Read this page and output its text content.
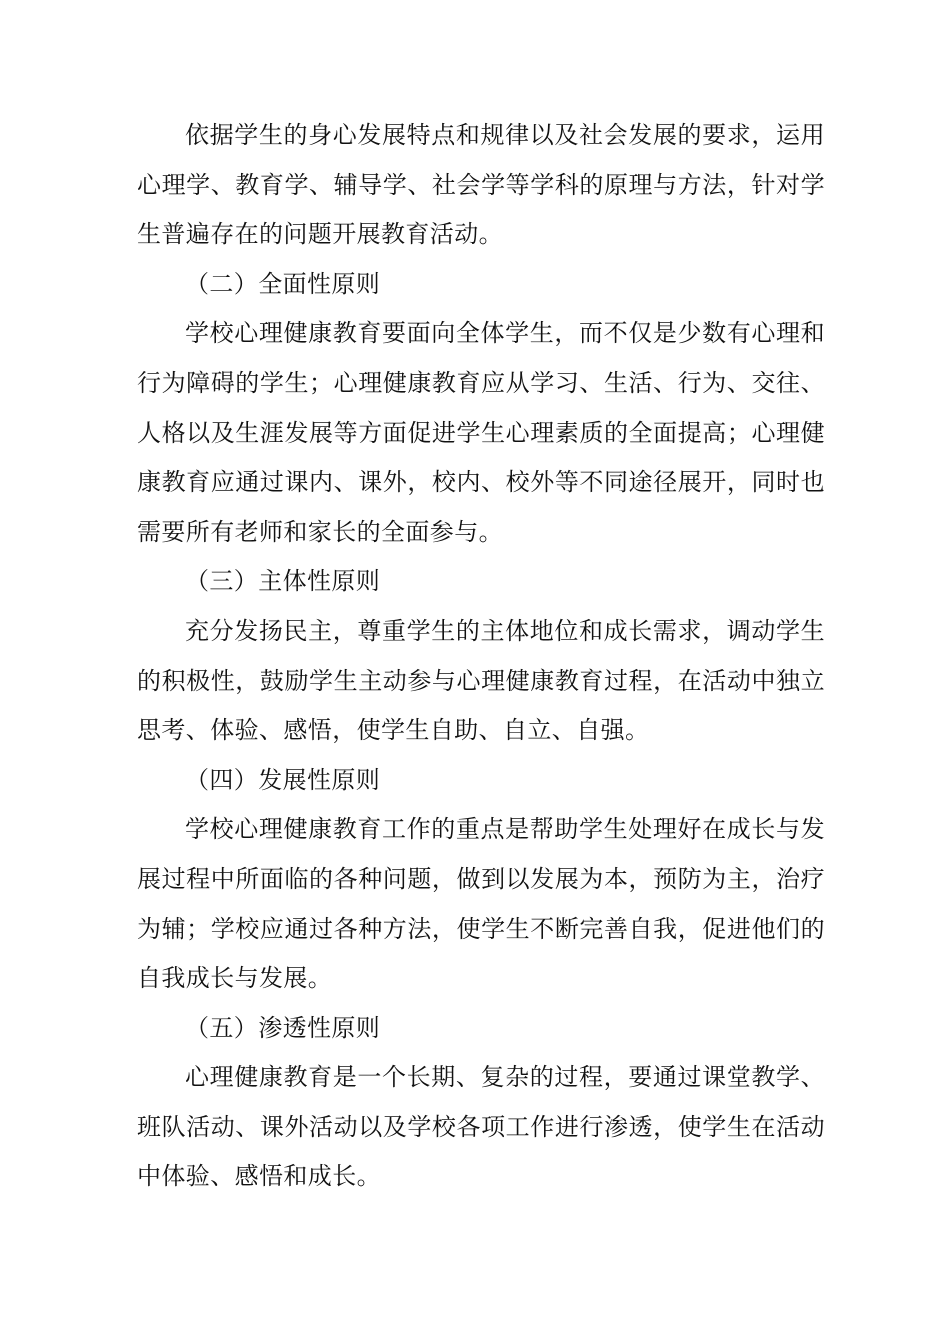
依据学生的身心发展特点和规律以及社会发展的要求，运用心理学、教育学、辅导学、社会学等学科的原理与方法，针对学生普遍存在的问题开展教育活动。

（二）全面性原则

学校心理健康教育要面向全体学生，而不仅是少数有心理和行为障碍的学生；心理健康教育应从学习、生活、行为、交往、人格以及生涯发展等方面促进学生心理素质的全面提高；心理健康教育应通过课内、课外，校内、校外等不同途径展开，同时也需要所有老师和家长的全面参与。

（三）主体性原则

充分发扬民主，尊重学生的主体地位和成长需求，调动学生的积极性，鼓励学生主动参与心理健康教育过程，在活动中独立思考、体验、感悟，使学生自助、自立、自强。

（四）发展性原则

学校心理健康教育工作的重点是帮助学生处理好在成长与发展过程中所面临的各种问题，做到以发展为本，预防为主，治疗为辅；学校应通过各种方法，使学生不断完善自我，促进他们的自我成长与发展。

（五）渗透性原则

心理健康教育是一个长期、复杂的过程，要通过课堂教学、班队活动、课外活动以及学校各项工作进行渗透，使学生在活动中体验、感悟和成长。
